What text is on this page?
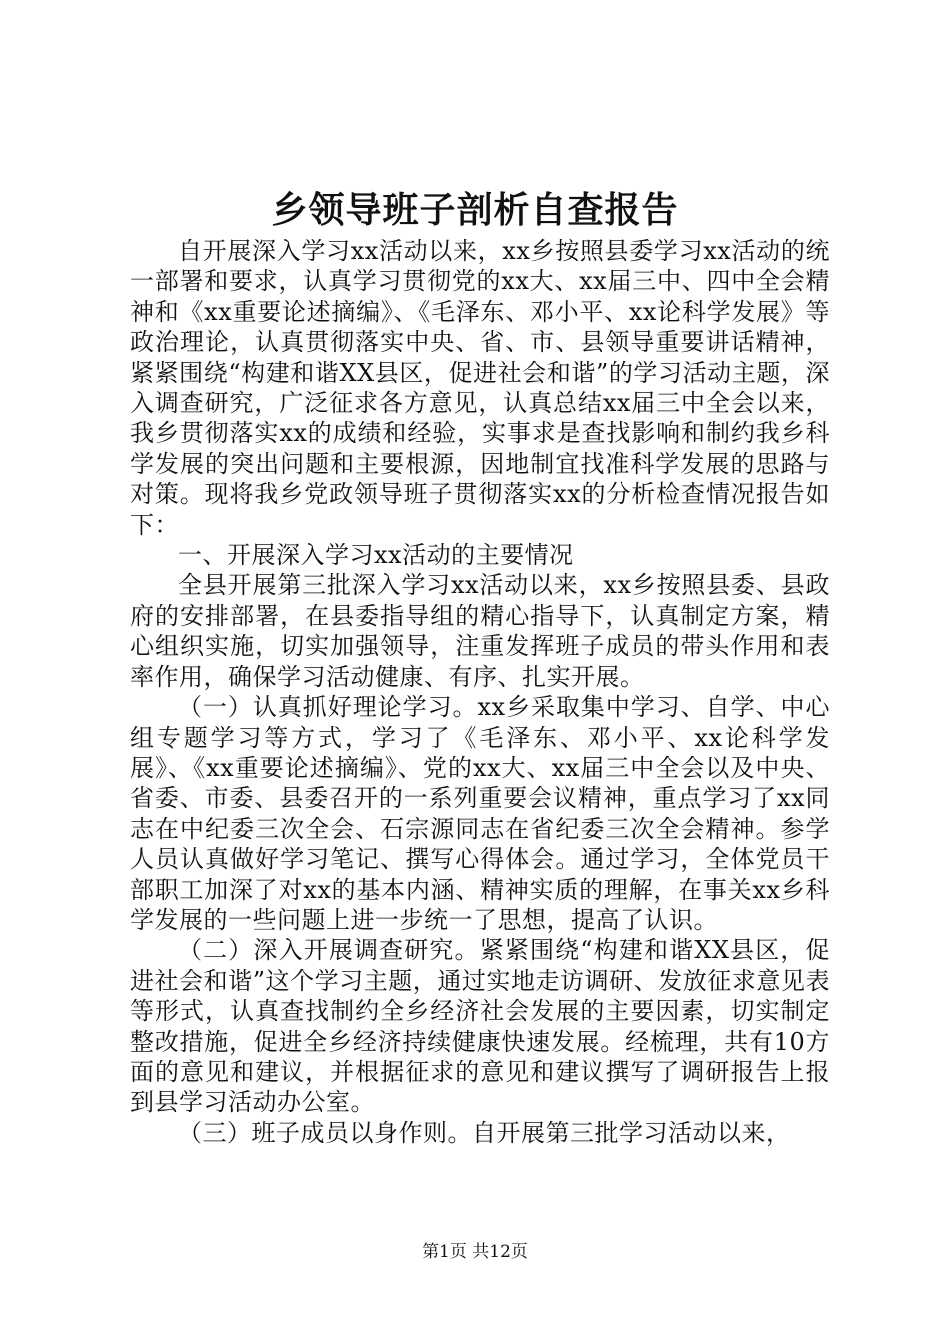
乡领导班子剖析自查报告

自开展深入学习xx活动以来，xx乡按照县委学习xx活动的统一部署和要求，认真学习贯彻党的xx大、xx届三中、四中全会精神和《xx重要论述摘编》、《毛泽东、邓小平、xx论科学发展》等政治理论，认真贯彻落实中央、省、市、县领导重要讲话精神，紧紧围绕“构建和谐XX县区，促进社会和谐”的学习活动主题，深入调查研究，广泛征求各方意见，认真总结xx届三中全会以来，我乡贯彻落实xx的成绩和经验，实事求是查找影响和制约我乡科学发展的突出问题和主要根源，因地制宜找准科学发展的思路与对策。现将我乡党政领导班子贯彻落实xx的分析检查情况报告如下：

一、开展深入学习xx活动的主要情况

全县开展第三批深入学习xx活动以来，xx乡按照县委、县政府的安排部署，在县委指导组的精心指导下，认真制定方案，精心组织实施，切实加强领导，注重发挥班子成员的带头作用和表率作用，确保学习活动健康、有序、扎实开展。

（一）认真抓好理论学习。xx乡采取集中学习、自学、中心组专题学习等方式，学习了《毛泽东、邓小平、xx论科学发展》、《xx重要论述摘编》、党的xx大、xx届三中全会以及中央、省委、市委、县委召开的一系列重要会议精神，重点学习了xx同志在中纪委三次全会、石宗源同志在省纪委三次全会精神。参学人员认真做好学习笔记、撰写心得体会。通过学习，全体党员干部职工加深了对xx的基本内涵、精神实质的理解，在事关xx乡科学发展的一些问题上进一步统一了思想，提高了认识。

（二）深入开展调查研究。紧紧围绕“构建和谐XX县区，促进社会和谐”这个学习主题，通过实地走访调研、发放征求意见表等形式，认真查找制约全乡经济社会发展的主要因素，切实制定整改措施，促进全乡经济持续健康快速发展。经梳理，共有10方面的意见和建议，并根据征求的意见和建议撰写了调研报告上报到县学习活动办公室。

（三）班子成员以身作则。自开展第三批学习活动以来，

第1页 共12页
